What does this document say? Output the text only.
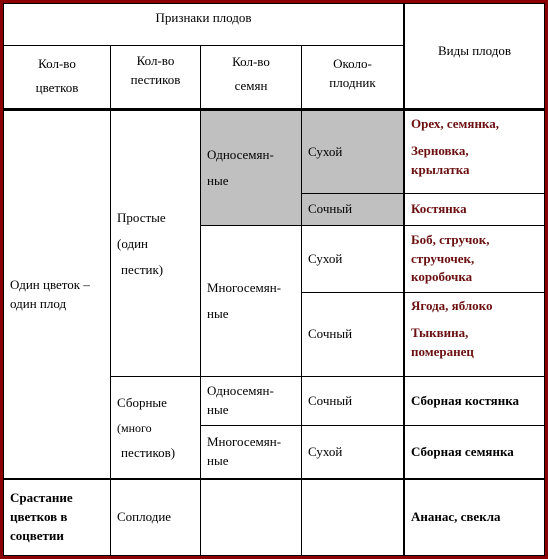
Признаки плодов
Виды плодов
Кол-во
цветков
Кол-во
пестиков
Кол-во
семян
Около-
плодник
Один цветок –
один плод
Срастание
цветков в
соцветии
Простые
(один
пестик)
Сборные
(много
пестиков)
Соплодие
Односемян-
ные
Многосемян-
ные
Односемян-
ные
Многосемян-
ные
Сухой
Сочный
Сухой
Сочный
Сочный
Сухой
Орех, семянка,
Зерновка,
крылатка
Костянка
Боб, стручок,
стручочек,
коробочка
Ягода, яблоко
Тыквина,
померанец
Сборная костянка
Сборная семянка
Ананас, свекла
